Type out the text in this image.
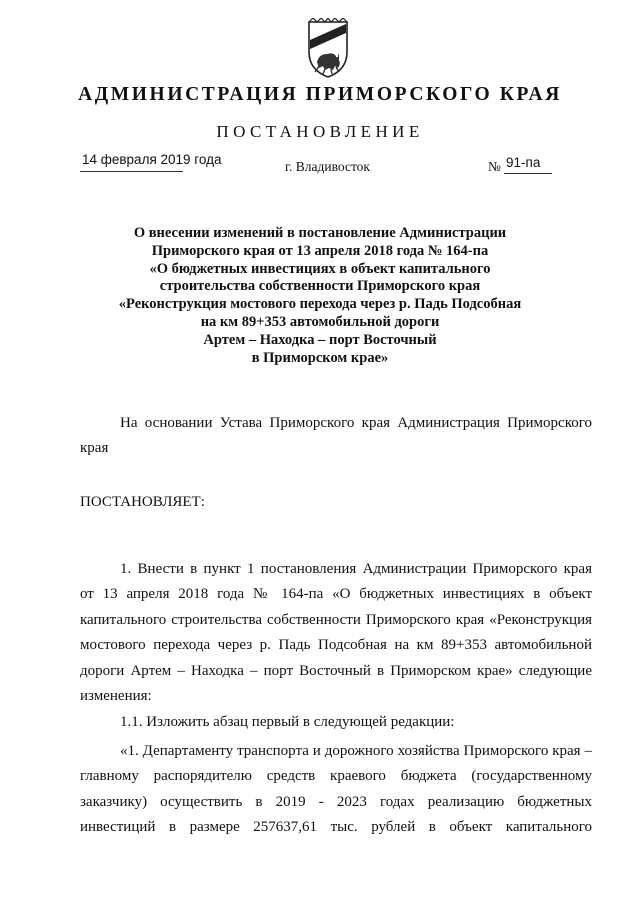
АДМИНИСТРАЦИЯ ПРИМОРСКОГО КРАЯ
ПОСТАНОВЛЕНИЕ
14 февраля 2019 года	г. Владивосток	№ 91-па
О внесении изменений в постановление Администрации
Приморского края от 13 апреля 2018 года № 164-па
«О бюджетных инвестициях в объект капитального
строительства собственности Приморского края
«Реконструкция мостового перехода через р. Падь Подсобная
на км 89+353 автомобильной дороги
Артем – Находка – порт Восточный
в Приморском крае»
На основании Устава Приморского края Администрация Приморского
края
ПОСТАНОВЛЯЕТ:
1. Внести в пункт 1 постановления Администрации Приморского края
от 13 апреля 2018 года № 164-па «О бюджетных инвестициях в объект
капитального строительства собственности Приморского края «Реконструкция
мостового перехода через р. Падь Подсобная на км 89+353 автомобильной
дороги Артем – Находка – порт Восточный в Приморском крае» следующие
изменения:
1.1. Изложить абзац первый в следующей редакции:
«1. Департаменту транспорта и дорожного хозяйства Приморского края –
главному распорядителю средств краевого бюджета (государственному
заказчику) осуществить в 2019 - 2023 годах реализацию бюджетных
инвестиций в размере 257637,61 тыс. рублей в объект капитального
